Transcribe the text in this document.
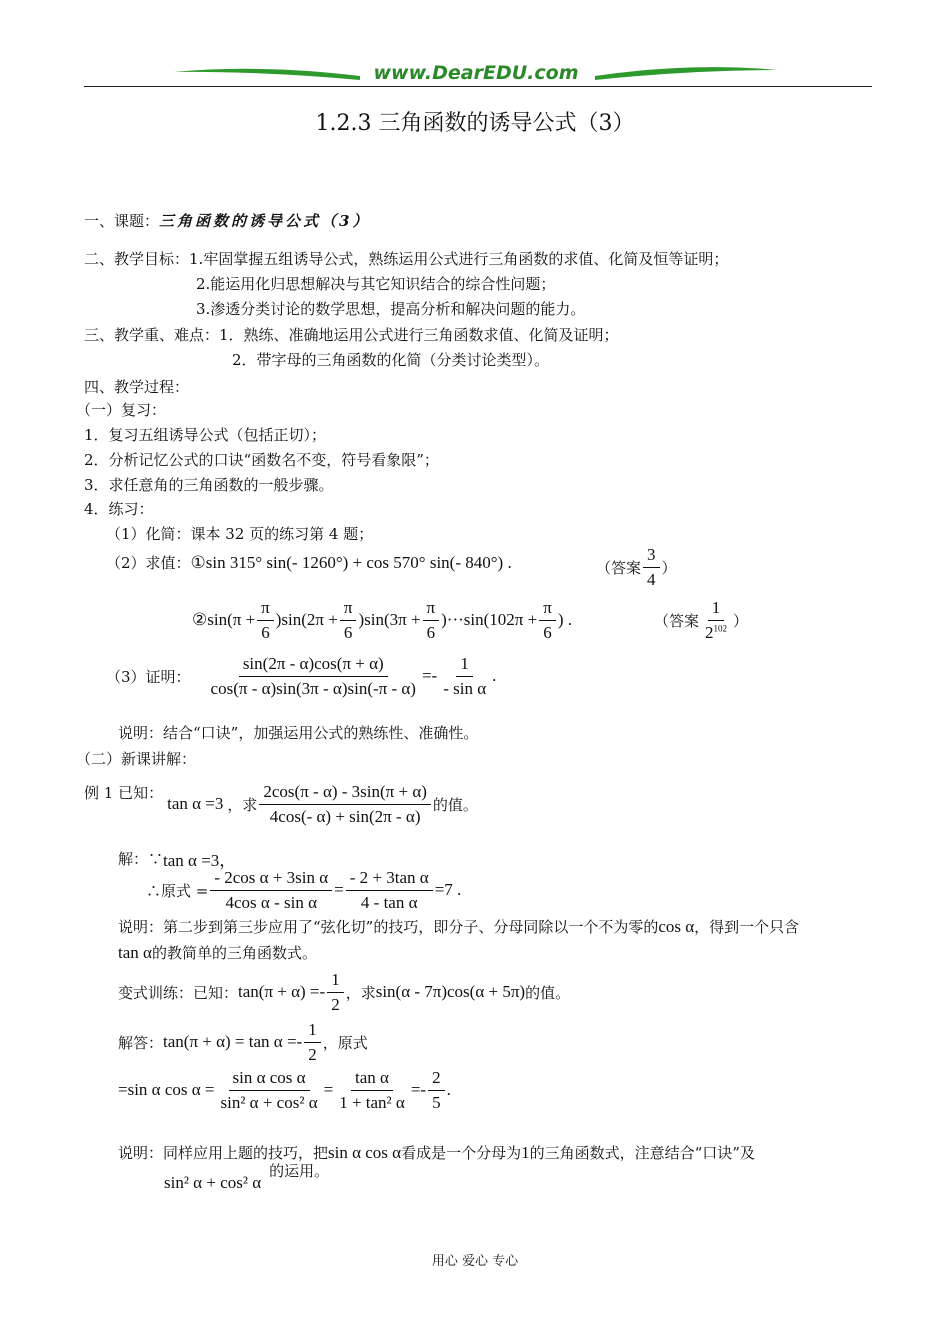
www.DearEDU.com
1.2.3 三角函数的诱导公式（3）
一、课题：三角函数的诱导公式（3）
二、教学目标：1.牢固掌握五组诱导公式，熟练运用公式进行三角函数的求值、化简及恒等证明；
2.能运用化归思想解决与其它知识结合的综合性问题；
3.渗透分类讨论的数学思想，提高分析和解决问题的能力。
三、教学重、难点：1．熟练、准确地运用公式进行三角函数求值、化简及证明；
2．带字母的三角函数的化简（分类讨论类型）。
四、教学过程：
（一）复习：
1．复习五组诱导公式（包括正切）；
2．分析记忆公式的口诀“函数名不变，符号看象限”；
3．求任意角的三角函数的一般步骤。
4．练习：
（1）化简：课本 32 页的练习第 4 题；
（2）求值： ①sin 315° sin(- 1260°) + cos 570° sin(- 840°) .	（答案 $\frac{3}{4}$ ）
②sin(π + $\frac{\pi}{6} )\sin(2\pi + \frac{\pi}{6} )\sin(3\pi + \frac{\pi}{6} )\cdot\cdot\cdot\sin(102\pi + \frac{\pi}{6}$ ) .	（答案 $\frac{1}{2^{102}}$ ）
（3）证明： $\frac{\sin(2\pi - \alpha)\cos(\pi + \alpha)}{\cos(\pi - \alpha)\sin(3\pi - \alpha)\sin(-\pi - \alpha)} =- \frac{1}{\text{- sin α}}$ .
说明：结合“口诀”，加强运用公式的熟练性、准确性。
（二）新课讲解：
例 1 已知：
tan α =3 ，求 $\frac{2\cos(\pi - \alpha) - 3\sin(\pi + \alpha)}{4\cos(- \alpha) + \sin(2\pi - \alpha)}$ 的值。
解：∵ tan α =3，
∴原式 = $\frac{\text{- 2cos α + 3sin α}}{\text{4cos α - sin α}} = \frac{\text{- 2 + 3tan α}}{\text{4 - tan α}} =7$ .
说明：第二步到第三步应用了“弦化切”的技巧，即分子、分母同除以一个不为零的cos α，得到一个只含
tan α的教简单的三角函数式。
变式训练：已知： $\tan(\pi + \alpha) =- \frac{1}{2}$ ，求 sin(α - 7π)cos(α + 5π) 的值。
解答： $\tan(\pi + \alpha) = \tan \alpha =- \frac{1}{2}$ ，原式
=sin α $\cos \alpha = \frac{\text{sin α cos α}}{\text{sin² α + cos² α}} = \frac{\text{tan α}}{\text{1 + tan² α}} =- \frac{2}{5}$ .
说明：同样应用上题的技巧，把sin α cos α看成是一个分母为1的三角函数式，注意结合“口诀”及
sin² α + cos² α
的运用。
用心 爱心 专心
